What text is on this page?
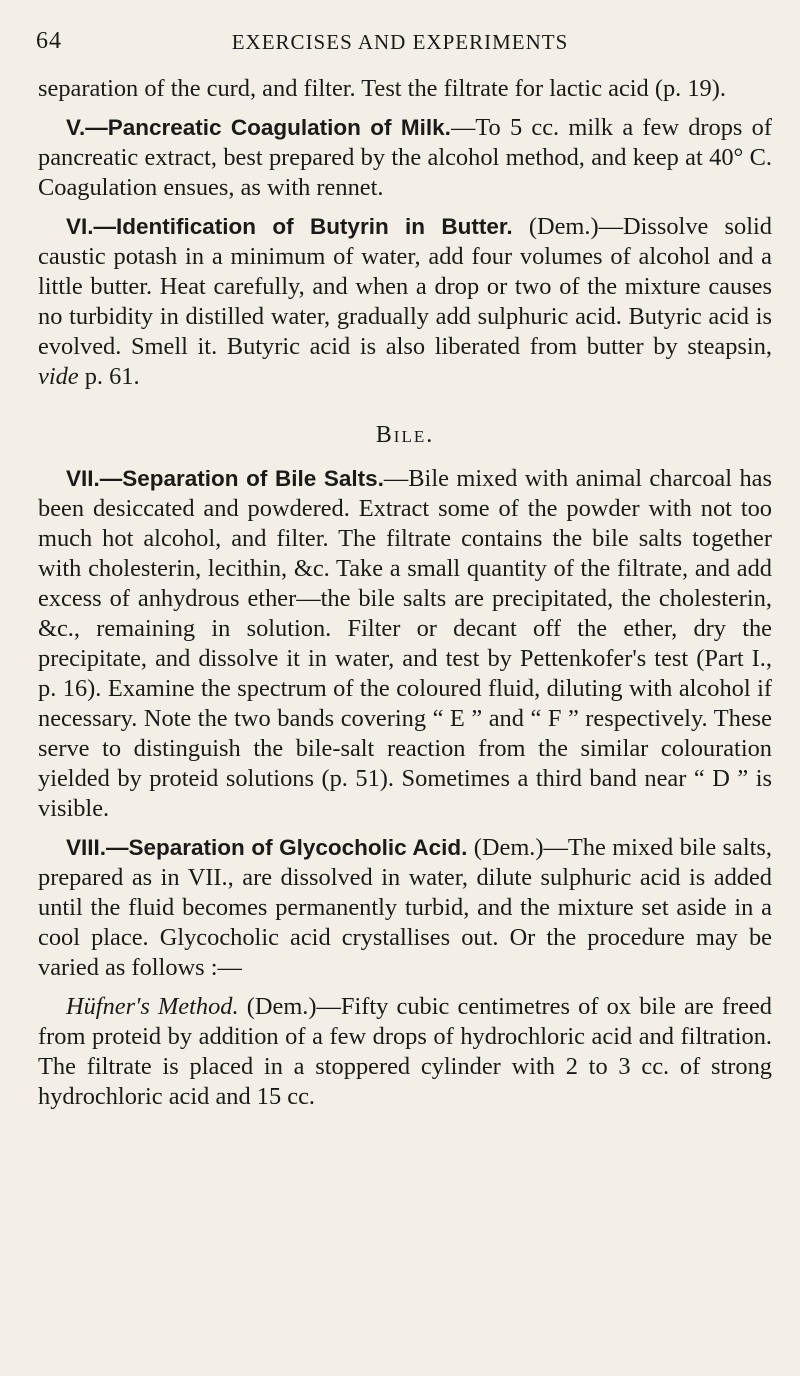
64	EXERCISES AND EXPERIMENTS

separation of the curd, and filter. Test the filtrate for lactic acid (p. 19).

V.—Pancreatic Coagulation of Milk.—To 5 cc. milk a few drops of pancreatic extract, best prepared by the alcohol method, and keep at 40° C. Coagulation ensues, as with rennet.

VI.—Identification of Butyrin in Butter. (Dem.)—Dissolve solid caustic potash in a minimum of water, add four volumes of alcohol and a little butter. Heat carefully, and when a drop or two of the mixture causes no turbidity in distilled water, gradually add sulphuric acid. Butyric acid is evolved. Smell it. Butyric acid is also liberated from butter by steapsin, vide p. 61.

Bile.

VII.—Separation of Bile Salts.—Bile mixed with animal charcoal has been desiccated and powdered. Extract some of the powder with not too much hot alcohol, and filter. The filtrate contains the bile salts together with cholesterin, lecithin, &c. Take a small quantity of the filtrate, and add excess of anhydrous ether—the bile salts are precipitated, the cholesterin, &c., remaining in solution. Filter or decant off the ether, dry the precipitate, and dissolve it in water, and test by Pettenkofer's test (Part I., p. 16). Examine the spectrum of the coloured fluid, diluting with alcohol if necessary. Note the two bands covering “ E ” and “ F ” respectively. These serve to distinguish the bile-salt reaction from the similar colouration yielded by proteid solutions (p. 51). Sometimes a third band near “ D ” is visible.

VIII.—Separation of Glycocholic Acid. (Dem.)—The mixed bile salts, prepared as in VII., are dissolved in water, dilute sulphuric acid is added until the fluid becomes permanently turbid, and the mixture set aside in a cool place. Glycocholic acid crystallises out. Or the procedure may be varied as follows :—

Hüfner's Method. (Dem.)—Fifty cubic centimetres of ox bile are freed from proteid by addition of a few drops of hydrochloric acid and filtration. The filtrate is placed in a stoppered cylinder with 2 to 3 cc. of strong hydrochloric acid and 15 cc.
